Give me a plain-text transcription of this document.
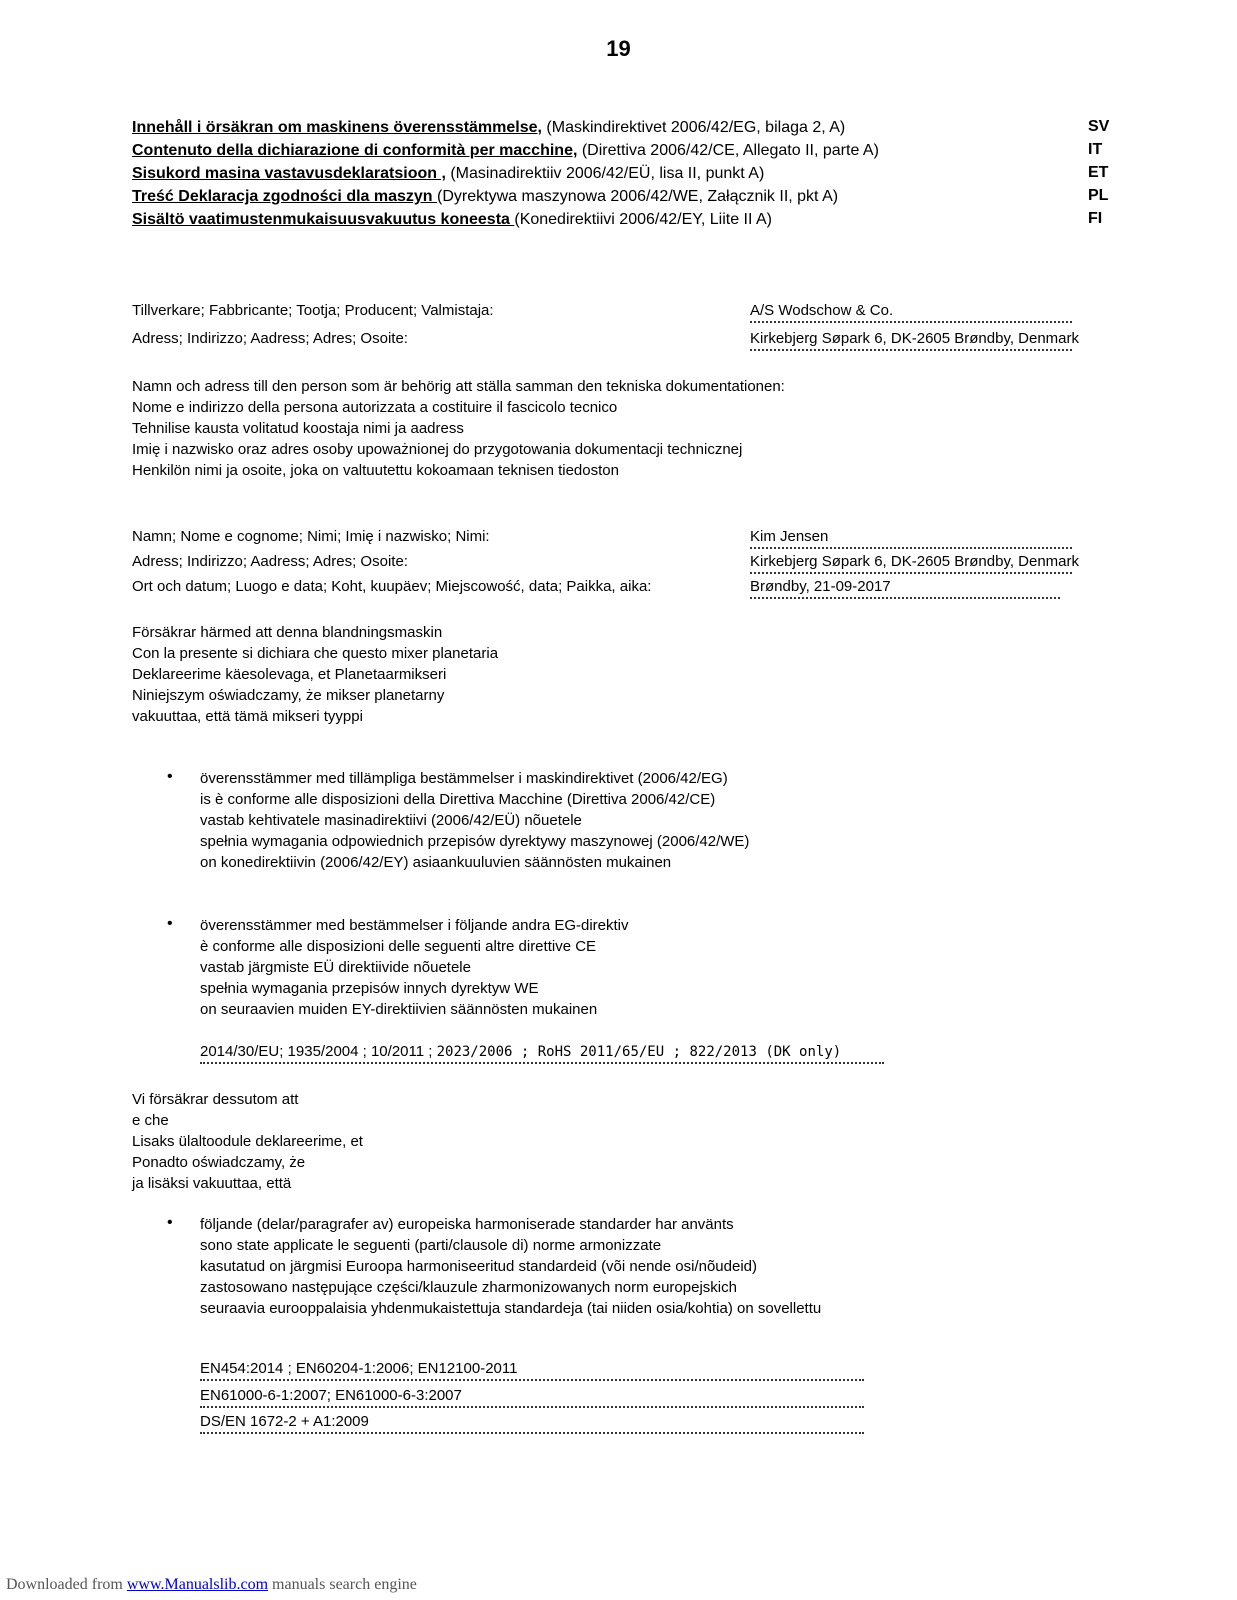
19
Innehåll i örsäkran om maskinens överensstämmelse, (Maskindirektivet 2006/42/EG, bilaga 2, A)	SV
Contenuto della dichiarazione di conformità per macchine, (Direttiva 2006/42/CE, Allegato II, parte A)	IT
Sisukord masina vastavusdeklaratsioon , (Masinadirektiiv 2006/42/EÜ, lisa II, punkt A)	ET
Treść Deklaracja zgodności dla maszyn (Dyrektywa maszynowa 2006/42/WE, Załącznik II, pkt A)	PL
Sisältö vaatimustenmukaisuusvakuutus koneesta (Konedirektiivi 2006/42/EY, Liite II A)	FI
Tillverkare; Fabbricante; Tootja; Producent; Valmistaja:	A/S Wodschow & Co.
Adress; Indirizzo; Aadress; Adres; Osoite:	Kirkebjerg Søpark 6, DK-2605 Brøndby, Denmark
Namn och adress till den person som är behörig att ställa samman den tekniska dokumentationen:
Nome e indirizzo della persona autorizzata a costituire il fascicolo tecnico
Tehnilise kausta volitatud koostaja nimi ja aadress
Imię i nazwisko oraz adres osoby upoważnionej do przygotowania dokumentacji technicznej
Henkilön nimi ja osoite, joka on valtuutettu kokoamaan teknisen tiedoston
Namn; Nome e cognome; Nimi; Imię i nazwisko; Nimi:	Kim Jensen
Adress; Indirizzo; Aadress; Adres; Osoite:	Kirkebjerg Søpark 6, DK-2605 Brøndby, Denmark
Ort och datum; Luogo e data; Koht, kuupäev; Miejscowość, data; Paikka, aika:	Brøndby, 21-09-2017
Försäkrar härmed att denna blandningsmaskin
Con la presente si dichiara che questo mixer planetaria
Deklareerime käesolevaga, et Planetaarmikseri
Niniejszym oświadczamy, że mikser planetarny
vakuuttaa, että tämä mikseri tyyppi
• överensstämmer med tillämpliga bestämmelser i maskindirektivet (2006/42/EG)
is è conforme alle disposizioni della Direttiva Macchine (Direttiva 2006/42/CE)
vastab kehtivatele masinadirektiivi (2006/42/EÜ) nõuetele
spełnia wymagania odpowiednich przepisów dyrektywy maszynowej (2006/42/WE)
on konedirektiivin (2006/42/EY) asiaankuuluvien säännösten mukainen
• överensstämmer med bestämmelser i följande andra EG-direktiv
è conforme alle disposizioni delle seguenti altre direttive CE
vastab järgmiste EÜ direktiivide nõuetele
spełnia wymagania przepisów innych dyrektyw WE
on seuraavien muiden EY-direktiivien säännösten mukainen
2014/30/EU; 1935/2004 ; 10/2011 ; 2023/2006 ; RoHS 2011/65/EU ; 822/2013 (DK only)
Vi försäkrar dessutom att
e che
Lisaks ülaltoodule deklareerime, et
Ponadto oświadczamy, że
ja lisäksi vakuuttaa, että
• följande (delar/paragrafer av) europeiska harmoniserade standarder har använts
sono state applicate le seguenti (parti/clausole di) norme armonizzate
kasutatud on järgmisi Euroopa harmoniseeritud standardeid (või nende osi/nõudeid)
zastosowano następujące części/klauzule zharmonizowanych norm europejskich
seuraavia eurooppalaisia yhdenmukaistettuja standardeja (tai niiden osia/kohtia) on sovellettu
EN454:2014 ; EN60204-1:2006; EN12100-2011
EN61000-6-1:2007; EN61000-6-3:2007
DS/EN 1672-2 + A1:2009
Downloaded from www.Manualslib.com manuals search engine
